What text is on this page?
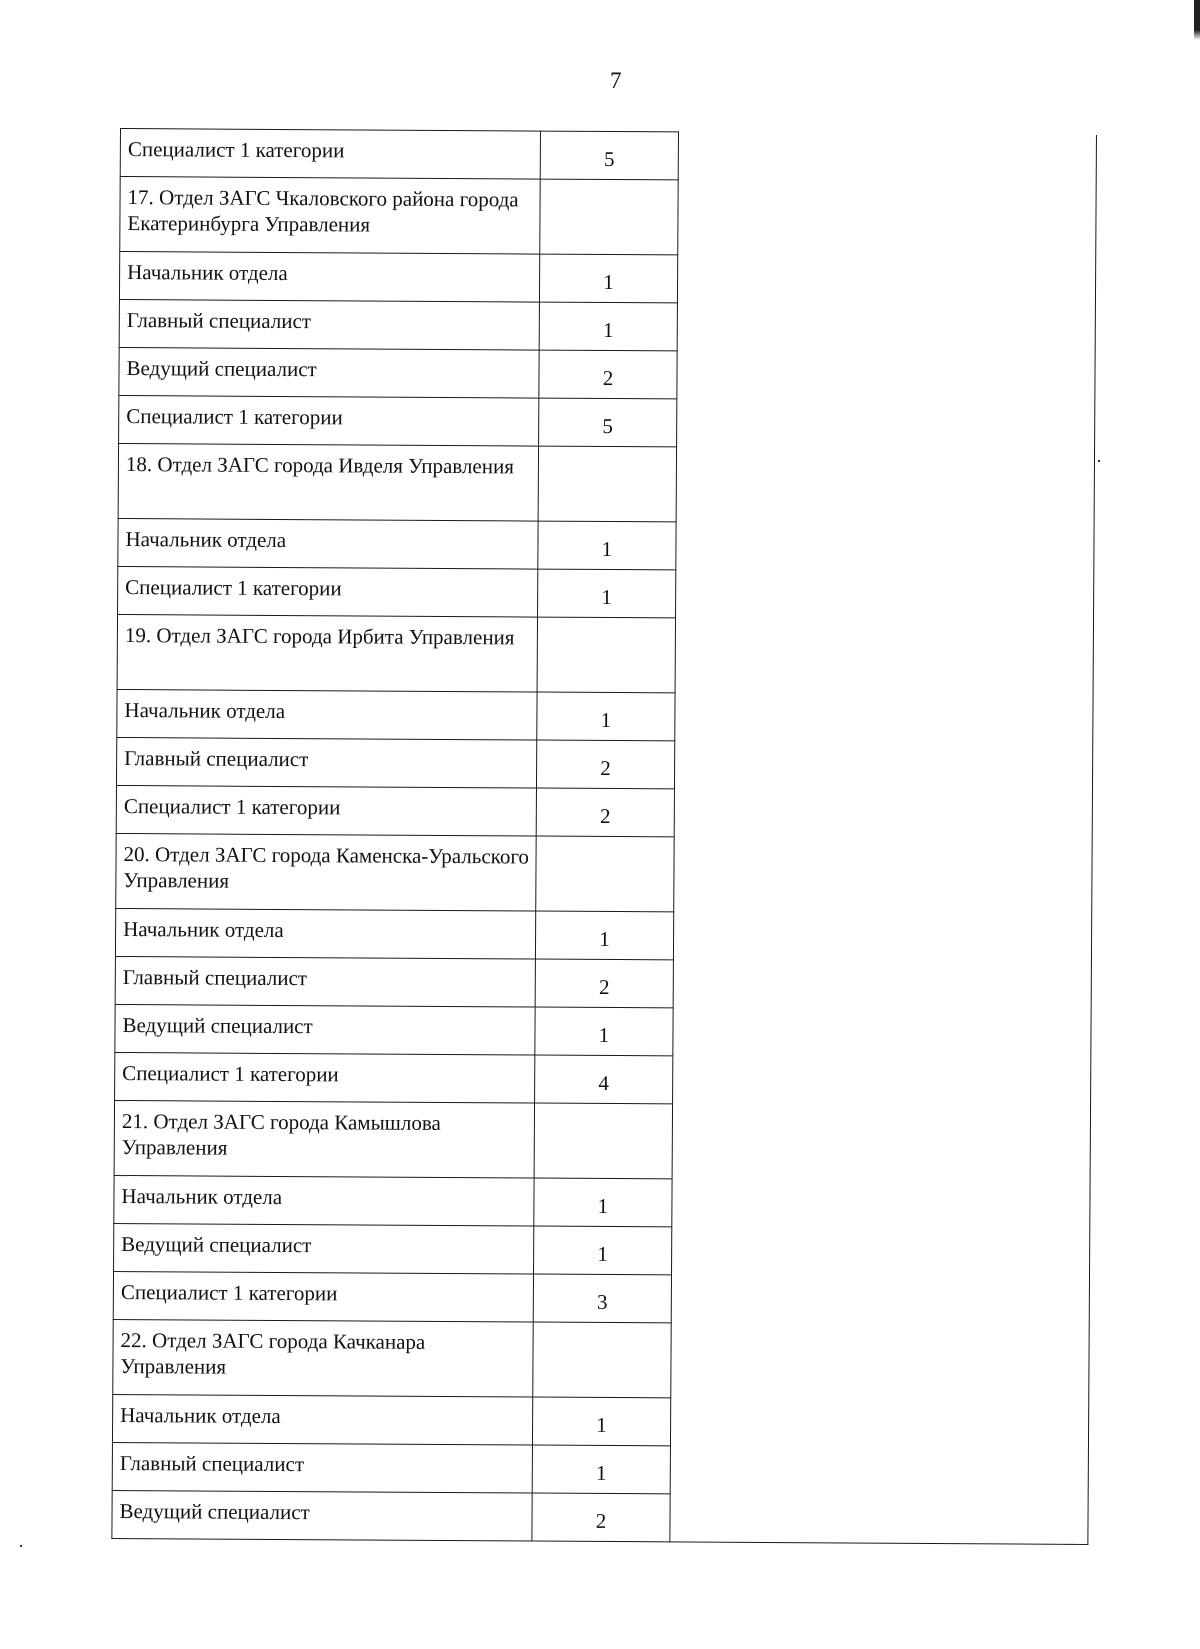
7
Специалист 1 категории	5	
17. Отдел ЗАГС Чкаловского района города Екатеринбурга Управления		
Начальник отдела	1	
Главный специалист	1	
Ведущий специалист	2	
Специалист 1 категории	5	
18. Отдел ЗАГС города Ивделя Управления		
Начальник отдела	1	
Специалист 1 категории	1	
19. Отдел ЗАГС города Ирбита Управления		
Начальник отдела	1	
Главный специалист	2	
Специалист 1 категории	2	
20. Отдел ЗАГС города Каменска-Уральского Управления		
Начальник отдела	1	
Главный специалист	2	
Ведущий специалист	1	
Специалист 1 категории	4	
21. Отдел ЗАГС города Камышлова Управления		
Начальник отдела	1	
Ведущий специалист	1	
Специалист 1 категории	3	
22. Отдел ЗАГС города Качканара Управления		
Начальник отдела	1	
Главный специалист	1	
Ведущий специалист	2	
